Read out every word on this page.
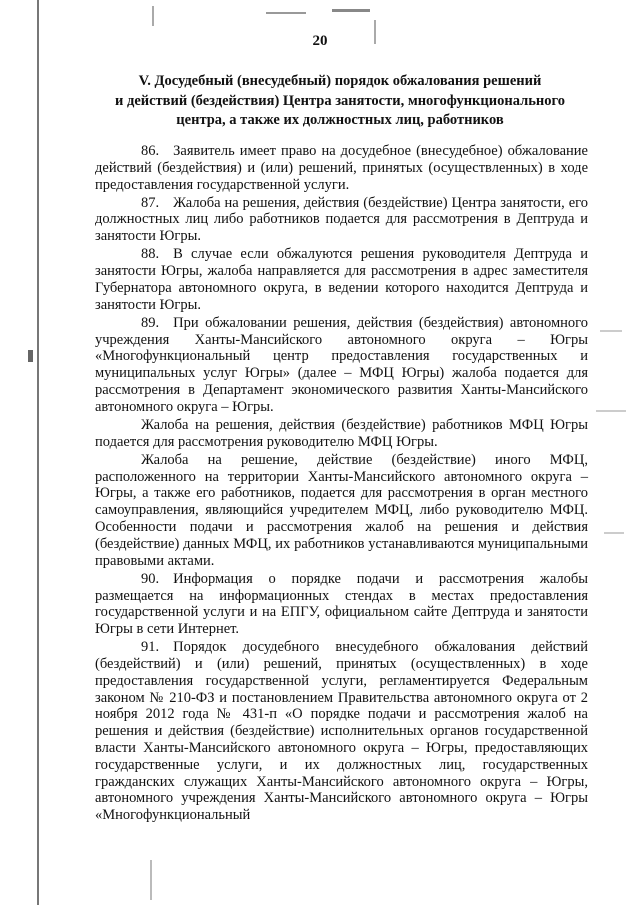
20
V. Досудебный (внесудебный) порядок обжалования решений
и действий (бездействия) Центра занятости, многофункционального
центра, а также их должностных лиц, работников

86. Заявитель имеет право на досудебное (внесудебное) обжалование действий (бездействия) и (или) решений, принятых (осуществленных) в ходе предоставления государственной услуги.

87. Жалоба на решения, действия (бездействие) Центра занятости, его должностных лиц либо работников подается для рассмотрения в Дептруда и занятости Югры.

88. В случае если обжалуются решения руководителя Дептруда и занятости Югры, жалоба направляется для рассмотрения в адрес заместителя Губернатора автономного округа, в ведении которого находится Дептруда и занятости Югры.

89. При обжаловании решения, действия (бездействия) автономного учреждения Ханты-Мансийского автономного округа – Югры «Многофункциональный центр предоставления государственных и муниципальных услуг Югры» (далее – МФЦ Югры) жалоба подается для рассмотрения в Департамент экономического развития Ханты-Мансийского автономного округа – Югры.

Жалоба на решения, действия (бездействие) работников МФЦ Югры подается для рассмотрения руководителю МФЦ Югры.

Жалоба на решение, действие (бездействие) иного МФЦ, расположенного на территории Ханты-Мансийского автономного округа – Югры, а также его работников, подается для рассмотрения в орган местного самоуправления, являющийся учредителем МФЦ, либо руководителю МФЦ. Особенности подачи и рассмотрения жалоб на решения и действия (бездействие) данных МФЦ, их работников устанавливаются муниципальными правовыми актами.

90. Информация о порядке подачи и рассмотрения жалобы размещается на информационных стендах в местах предоставления государственной услуги и на ЕПГУ, официальном сайте Дептруда и занятости Югры в сети Интернет.

91. Порядок досудебного внесудебного обжалования действий (бездействий) и (или) решений, принятых (осуществленных) в ходе предоставления государственной услуги, регламентируется Федеральным законом № 210-ФЗ и постановлением Правительства автономного округа от 2 ноября 2012 года № 431-п «О порядке подачи и рассмотрения жалоб на решения и действия (бездействие) исполнительных органов государственной власти Ханты-Мансийского автономного округа – Югры, предоставляющих государственные услуги, и их должностных лиц, государственных гражданских служащих Ханты-Мансийского автономного округа – Югры, автономного учреждения Ханты-Мансийского автономного округа – Югры «Многофункциональный
